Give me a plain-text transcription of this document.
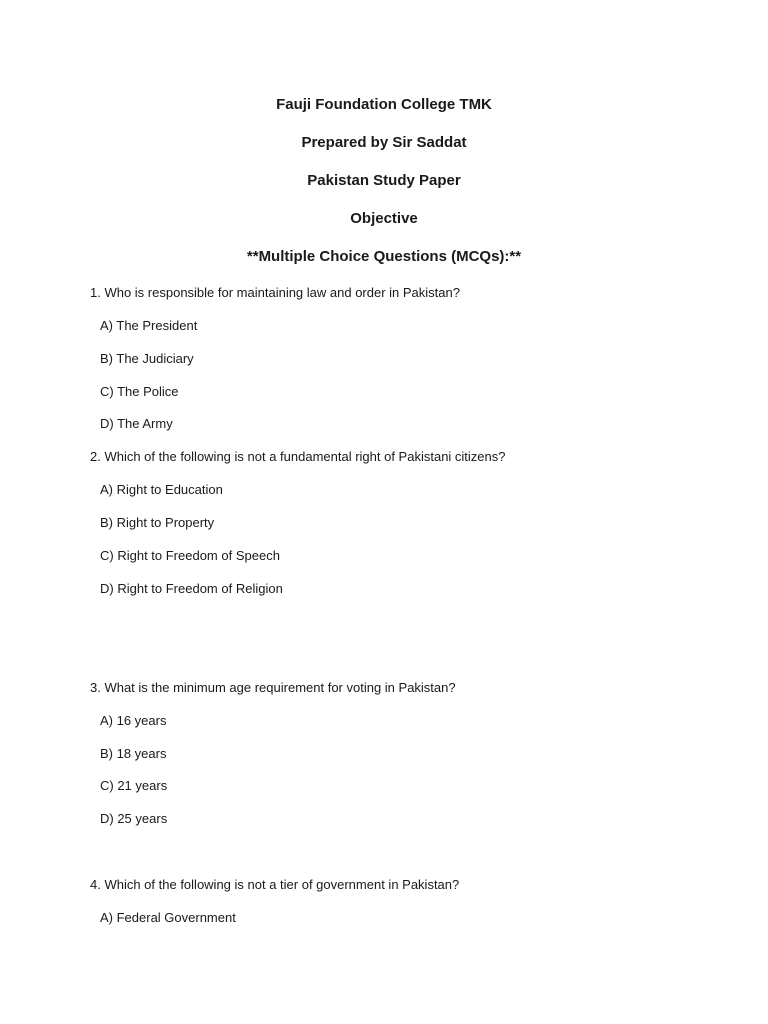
Fauji Foundation College TMK

Prepared by Sir Saddat

Pakistan Study Paper

Objective

**Multiple Choice Questions (MCQs):**

1. Who is responsible for maintaining law and order in Pakistan?

A) The President

B) The Judiciary

C) The Police

D) The Army

2. Which of the following is not a fundamental right of Pakistani citizens?

A) Right to Education

B) Right to Property

C) Right to Freedom of Speech

D) Right to Freedom of Religion

3. What is the minimum age requirement for voting in Pakistan?

A) 16 years

B) 18 years

C) 21 years

D) 25 years

4. Which of the following is not a tier of government in Pakistan?

A) Federal Government
